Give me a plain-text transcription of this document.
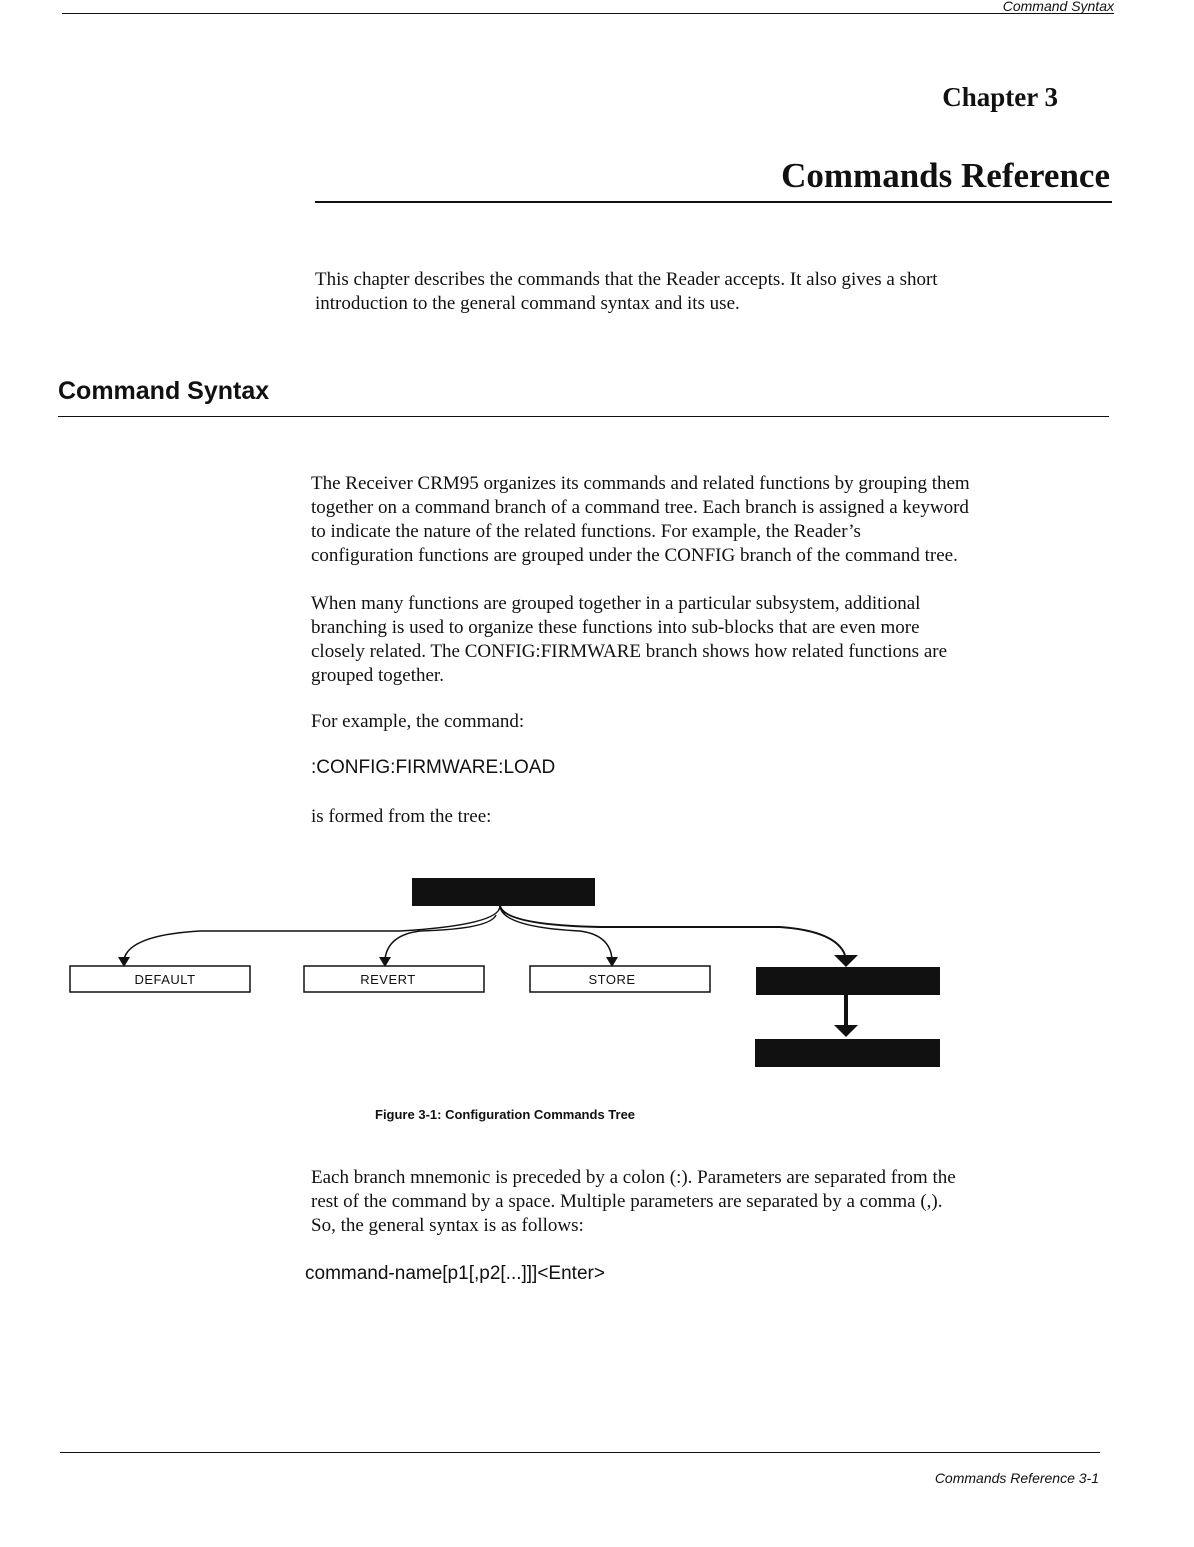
Command Syntax
Chapter 3
Commands Reference

This chapter describes the commands that the Reader accepts. It also gives a short
introduction to the general command syntax and its use.

Command Syntax

The Receiver CRM95 organizes its commands and related functions by grouping them
together on a command branch of a command tree. Each branch is assigned a keyword
to indicate the nature of the related functions. For example, the Reader’s
configuration functions are grouped under the CONFIG branch of the command tree.

When many functions are grouped together in a particular subsystem, additional
branching is used to organize these functions into sub-blocks that are even more
closely related. The CONFIG:FIRMWARE branch shows how related functions are
grouped together.

For example, the command:

:CONFIG:FIRMWARE:LOAD

is formed from the tree:

DEFAULT	REVERT	STORE
Figure 3-1: Configuration Commands Tree

Each branch mnemonic is preceded by a colon (:). Parameters are separated from the
rest of the command by a space. Multiple parameters are separated by a comma (,).
So, the general syntax is as follows:

command-name[p1[,p2[...]]]<Enter>
Commands Reference 3-1
